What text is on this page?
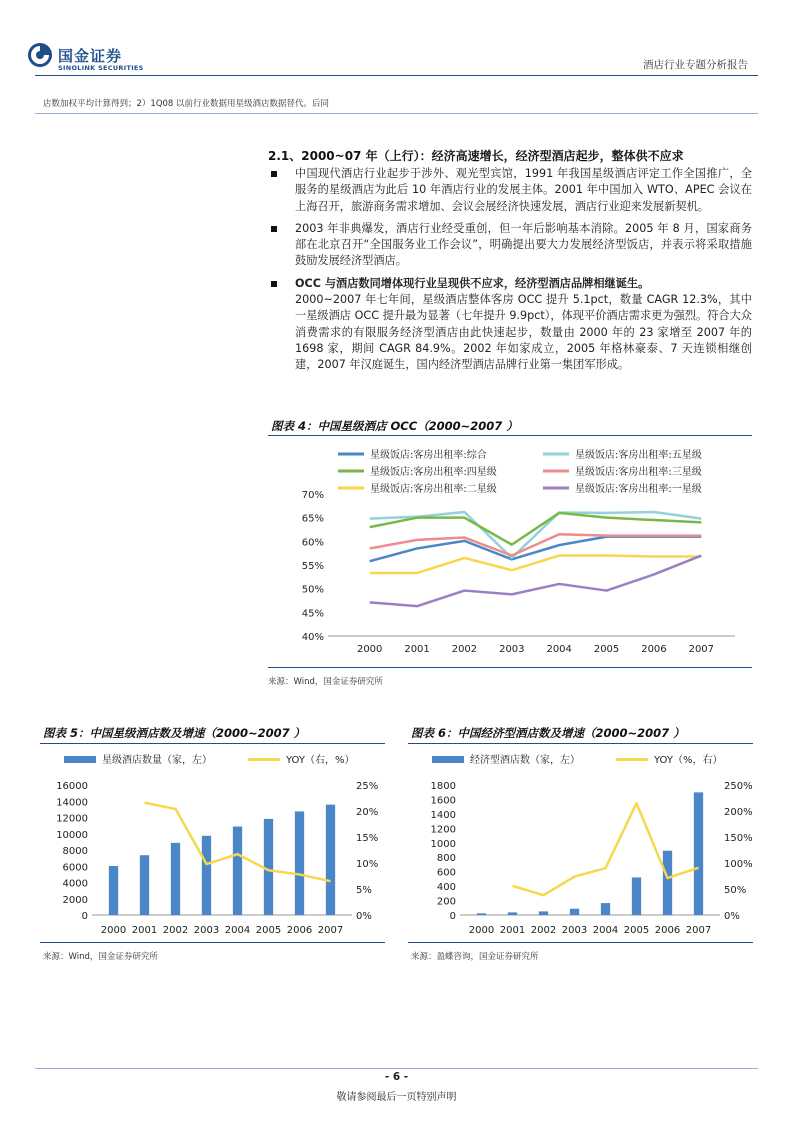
国金证券
SINOLINK SECURITIES	酒店行业专题分析报告
店数加权平均计算得到；2）1Q08 以前行业数据用星级酒店数据替代。后同
2.1、2000~07 年（上行）：经济高速增长，经济型酒店起步，整体供不应求
中国现代酒店行业起步于涉外、观光型宾馆，1991 年我国星级酒店评定工作全国推广，全服务的星级酒店为此后 10 年酒店行业的发展主体。2001 年中国加入 WTO、APEC 会议在上海召开，旅游商务需求增加、会议会展经济快速发展，酒店行业迎来发展新契机。
2003 年非典爆发，酒店行业经受重创，但一年后影响基本消除。2005 年 8 月，国家商务部在北京召开“全国服务业工作会议”，明确提出要大力发展经济型饭店，并表示将采取措施鼓励发展经济型酒店。
OCC 与酒店数同增体现行业呈现供不应求，经济型酒店品牌相继诞生。
2000~2007 年七年间，星级酒店整体客房 OCC 提升 5.1pct，数量 CAGR 12.3%，其中一星级酒店 OCC 提升最为显著（七年提升 9.9pct），体现平价酒店需求更为强烈。符合大众消费需求的有限服务经济型酒店由此快速起步，数量由 2000 年的 23 家增至 2007 年的 1698 家，期间 CAGR 84.9%。2002 年如家成立，2005 年格林豪泰、7 天连锁相继创建，2007 年汉庭诞生，国内经济型酒店品牌行业第一集团军形成。
图表 4：中国星级酒店 OCC（2000~2007 ）
星级饭店:客房出租率:综合	星级饭店:客房出租率:五星级
星级饭店:客房出租率:四星级	星级饭店:客房出租率:三星级
星级饭店:客房出租率:二星级	星级饭店:客房出租率:一星级
40%
45%
50%
55%
60%
65%
70%
2000 2001 2002 2003 2004 2005 2006 2007
来源：Wind，国金证券研究所
图表 5：中国星级酒店数及增速（2000~2007 ）
星级酒店数量（家，左）	YOY（右，%）
0
2000
4000
6000
8000
10000
12000
14000
16000
0%
5%
10%
15%
20%
25%
2000 2001 2002 2003 2004 2005 2006 2007
来源：Wind，国金证券研究所
图表 6：中国经济型酒店数及增速（2000~2007 ）
经济型酒店数（家，左）	YOY（%，右）
0
200
400
600
800
1000
1200
1400
1600
1800
0%
50%
100%
150%
200%
250%
2000 2001 2002 2003 2004 2005 2006 2007
来源：盈蝶咨询，国金证券研究所
- 6 -
敬请参阅最后一页特别声明
